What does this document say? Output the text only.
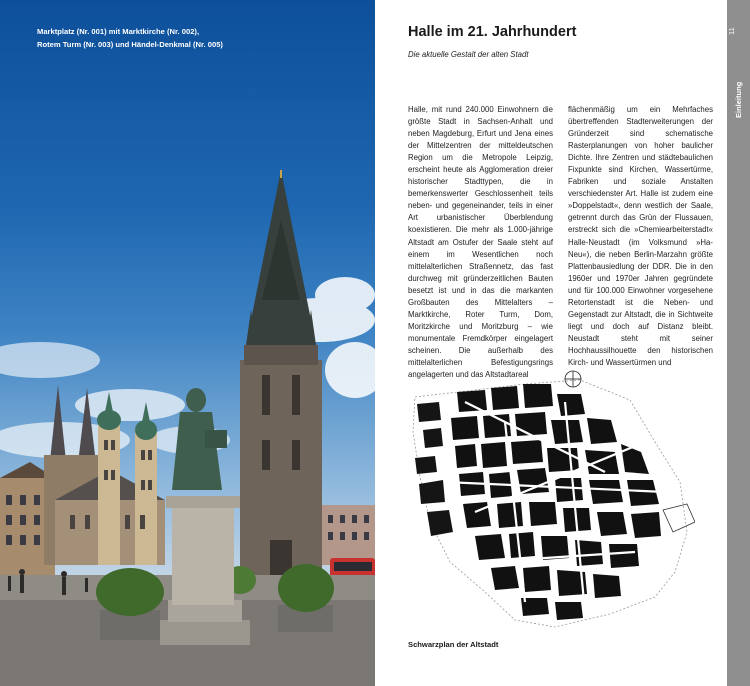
Marktplatz (Nr. 001) mit Marktkirche (Nr. 002),
Rotem Turm (Nr. 003) und Händel-Denkmal (Nr. 005)
Halle im 21. Jahrhundert
Die aktuelle Gestalt der alten Stadt
Halle, mit rund 240.000 Einwohnern die größte Stadt in Sachsen-Anhalt und neben Magdeburg, Erfurt und Jena eines der Mittelzentren der mitteldeutschen Region um die Metropole Leipzig, erscheint heute als Agglomeration dreier historischer Stadttypen, die in bemerkenswerter Geschlossenheit teils neben- und gegeneinander, teils in einer Art urbanistischer Überblendung koexistieren. Die mehr als 1.000-jährige Altstadt am Ostufer der Saale steht auf einem im Wesentlichen noch mittelalterlichen Straßennetz, das fast durchweg mit gründerzeitlichen Bauten besetzt ist und in das die markanten Großbauten des Mittelalters – Marktkirche, Roter Turm, Dom, Moritzkirche und Moritzburg – wie monumentale Fremdkörper eingelagert scheinen. Die außerhalb des mittelalterlichen Befestigungsrings angelagerten und das Altstadtareal
flächenmäßig um ein Mehrfaches übertreffenden Stadterweiterungen der Gründerzeit sind schematische Rasterplanungen von hoher baulicher Dichte. Ihre Zentren und städtebaulichen Fixpunkte sind Kirchen, Wassertürme, Fabriken und soziale Anstalten verschiedenster Art. Halle ist zudem eine »Doppelstadt«, denn westlich der Saale, getrennt durch das Grün der Flussauen, erstreckt sich die »Chemiearbeiterstadt« Halle-Neustadt (im Volksmund »Ha-Neu«), die neben Berlin-Marzahn größte Plattenbausiedlung der DDR. Die in den 1960er und 1970er Jahren gegründete und für 100.000 Einwohner vorgesehene Retortenstadt ist die Neben- und Gegenstadt zur Altstadt, die in Sichtweite liegt und doch auf Distanz bleibt. Neustadt steht mit seiner Hochhaussilhouette den historischen Kirch- und Wassertürmen und
Schwarzplan der Altstadt
11
Einleitung
